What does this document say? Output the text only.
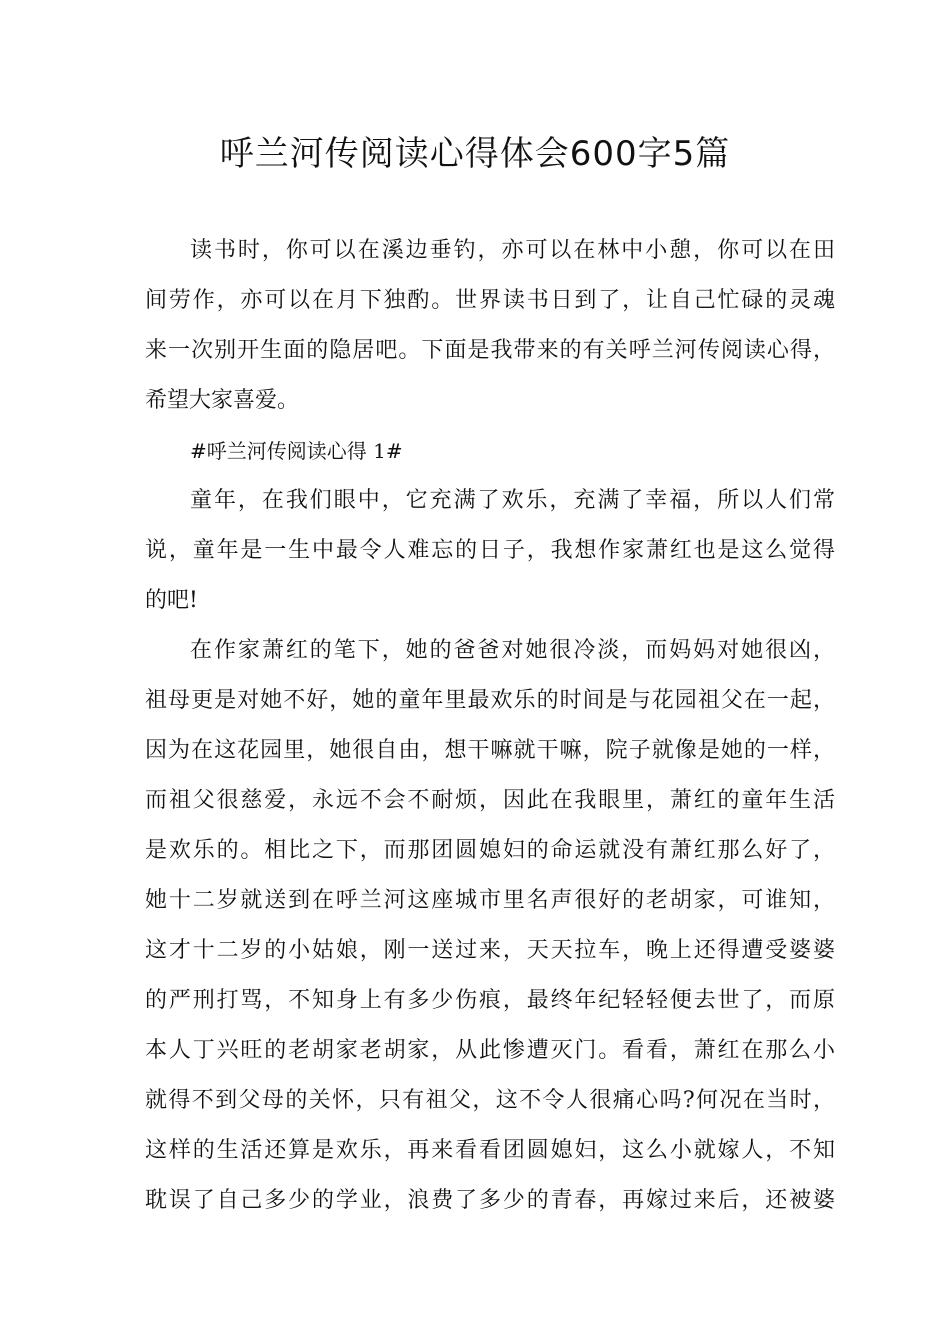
呼兰河传阅读心得体会600字5篇
读书时，你可以在溪边垂钓，亦可以在林中小憩，你可以在田
间劳作，亦可以在月下独酌。世界读书日到了，让自己忙碌的灵魂
来一次别开生面的隐居吧。下面是我带来的有关呼兰河传阅读心得，
希望大家喜爱。
#呼兰河传阅读心得 1#
童年，在我们眼中，它充满了欢乐，充满了幸福，所以人们常
说，童年是一生中最令人难忘的日子，我想作家萧红也是这么觉得
的吧!
在作家萧红的笔下，她的爸爸对她很冷淡，而妈妈对她很凶，
祖母更是对她不好，她的童年里最欢乐的时间是与花园祖父在一起，
因为在这花园里，她很自由，想干嘛就干嘛，院子就像是她的一样，
而祖父很慈爱，永远不会不耐烦，因此在我眼里，萧红的童年生活
是欢乐的。相比之下，而那团圆媳妇的命运就没有萧红那么好了，
她十二岁就送到在呼兰河这座城市里名声很好的老胡家，可谁知，
这才十二岁的小姑娘，刚一送过来，天天拉车，晚上还得遭受婆婆
的严刑打骂，不知身上有多少伤痕，最终年纪轻轻便去世了，而原
本人丁兴旺的老胡家老胡家，从此惨遭灭门。看看，萧红在那么小
就得不到父母的关怀，只有祖父，这不令人很痛心吗?何况在当时，
这样的生活还算是欢乐，再来看看团圆媳妇，这么小就嫁人，不知
耽误了自己多少的学业，浪费了多少的青春，再嫁过来后，还被婆
